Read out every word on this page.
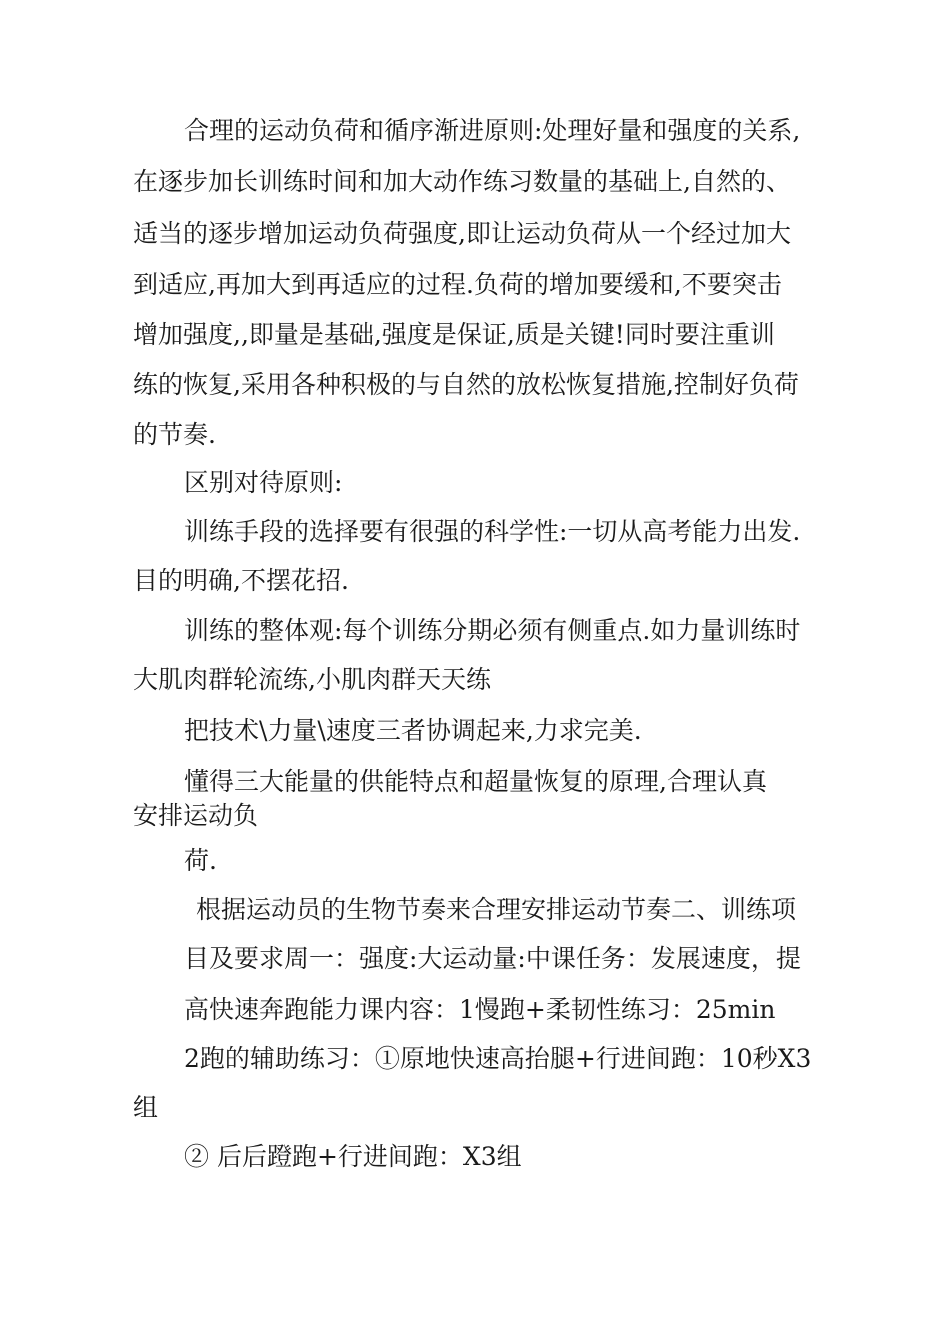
合理的运动负荷和循序渐进原则:处理好量和强度的关系,
在逐步加长训练时间和加大动作练习数量的基础上,自然的、
适当的逐步增加运动负荷强度,即让运动负荷从一个经过加大
到适应,再加大到再适应的过程.负荷的增加要缓和,不要突击
增加强度,,即量是基础,强度是保证,质是关键!同时要注重训
练的恢复,采用各种积极的与自然的放松恢复措施,控制好负荷
的节奏.
区别对待原则:
训练手段的选择要有很强的科学性:一切从高考能力出发.
目的明确,不摆花招.
训练的整体观:每个训练分期必须有侧重点.如力量训练时
大肌肉群轮流练,小肌肉群天天练
把技术\力量\速度三者协调起来,力求完美.
懂得三大能量的供能特点和超量恢复的原理,合理认真
安排运动负
荷.
根据运动员的生物节奏来合理安排运动节奏二、训练项
目及要求周一：强度:大运动量:中课任务：发展速度，提
高快速奔跑能力课内容：1慢跑+柔韧性练习：25min
2跑的辅助练习：①原地快速高抬腿+行进间跑：10秒X3
组
② 后后蹬跑+行进间跑：X3组
